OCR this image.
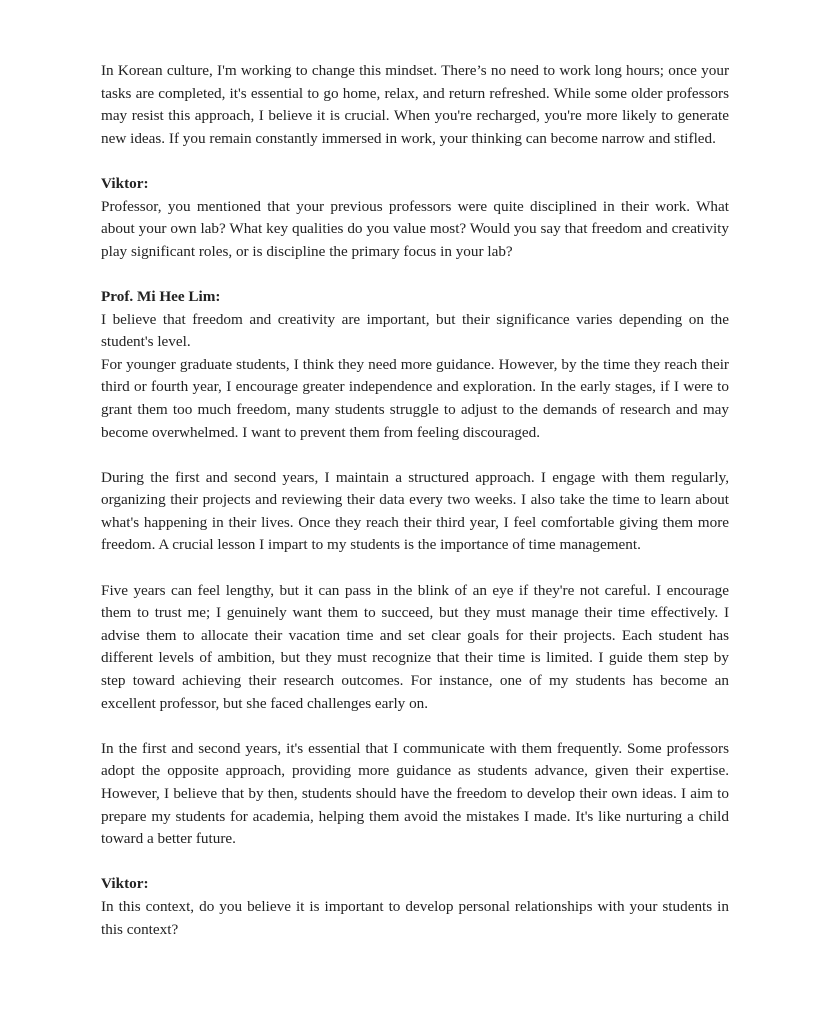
In Korean culture, I'm working to change this mindset. There’s no need to work long hours; once your tasks are completed, it's essential to go home, relax, and return refreshed. While some older professors may resist this approach, I believe it is crucial. When you're recharged, you're more likely to generate new ideas. If you remain constantly immersed in work, your thinking can become narrow and stifled.

Viktor:

Professor, you mentioned that your previous professors were quite disciplined in their work. What about your own lab? What key qualities do you value most? Would you say that freedom and creativity play significant roles, or is discipline the primary focus in your lab?

Prof. Mi Hee Lim:

I believe that freedom and creativity are important, but their significance varies depending on the student's level.

For younger graduate students, I think they need more guidance. However, by the time they reach their third or fourth year, I encourage greater independence and exploration. In the early stages, if I were to grant them too much freedom, many students struggle to adjust to the demands of research and may become overwhelmed. I want to prevent them from feeling discouraged.

During the first and second years, I maintain a structured approach. I engage with them regularly, organizing their projects and reviewing their data every two weeks. I also take the time to learn about what's happening in their lives. Once they reach their third year, I feel comfortable giving them more freedom. A crucial lesson I impart to my students is the importance of time management.

Five years can feel lengthy, but it can pass in the blink of an eye if they're not careful. I encourage them to trust me; I genuinely want them to succeed, but they must manage their time effectively. I advise them to allocate their vacation time and set clear goals for their projects. Each student has different levels of ambition, but they must recognize that their time is limited. I guide them step by step toward achieving their research outcomes. For instance, one of my students has become an excellent professor, but she faced challenges early on.

In the first and second years, it's essential that I communicate with them frequently. Some professors adopt the opposite approach, providing more guidance as students advance, given their expertise. However, I believe that by then, students should have the freedom to develop their own ideas. I aim to prepare my students for academia, helping them avoid the mistakes I made. It's like nurturing a child toward a better future.

Viktor:

In this context, do you believe it is important to develop personal relationships with your students in this context?
